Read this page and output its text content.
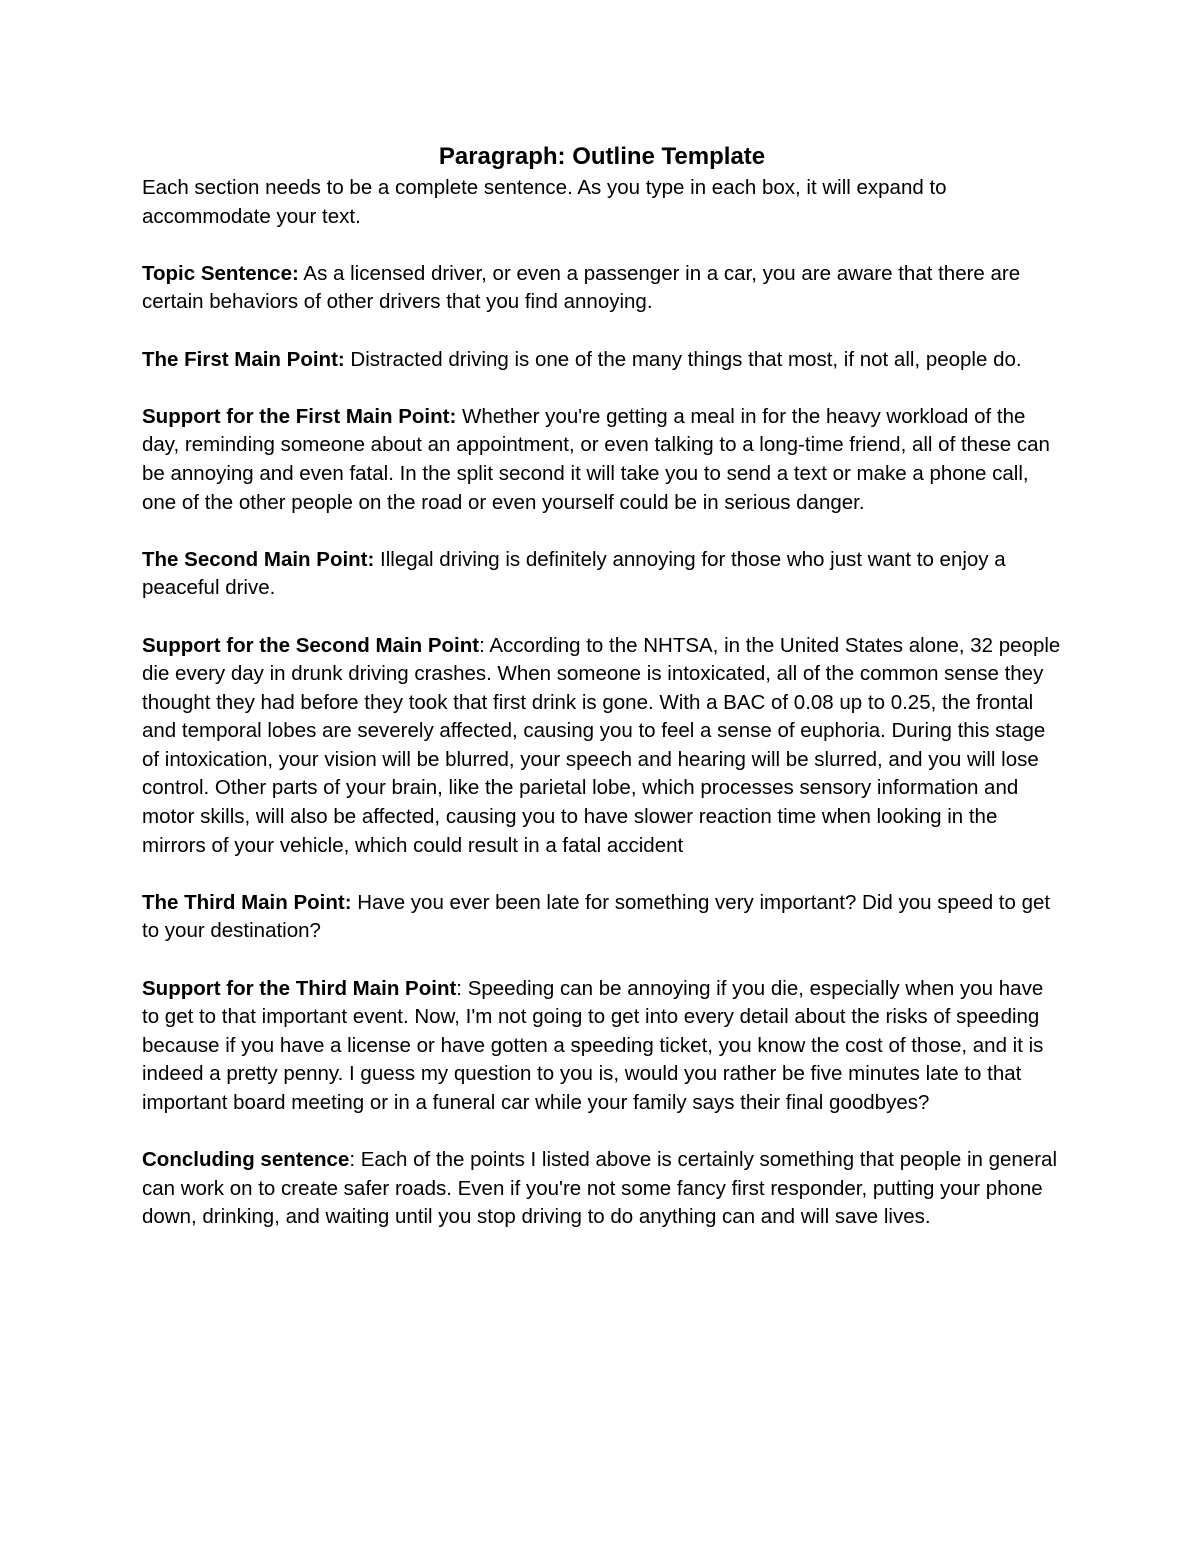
Paragraph: Outline Template

Each section needs to be a complete sentence. As you type in each box, it will expand to accommodate your text.

Topic Sentence: As a licensed driver, or even a passenger in a car, you are aware that there are certain behaviors of other drivers that you find annoying.

The First Main Point: Distracted driving is one of the many things that most, if not all, people do.

Support for the First Main Point: Whether you're getting a meal in for the heavy workload of the day, reminding someone about an appointment, or even talking to a long-time friend, all of these can be annoying and even fatal. In the split second it will take you to send a text or make a phone call, one of the other people on the road or even yourself could be in serious danger.

The Second Main Point: Illegal driving is definitely annoying for those who just want to enjoy a peaceful drive.

Support for the Second Main Point: According to the NHTSA, in the United States alone, 32 people die every day in drunk driving crashes. When someone is intoxicated, all of the common sense they thought they had before they took that first drink is gone. With a BAC of 0.08 up to 0.25, the frontal and temporal lobes are severely affected, causing you to feel a sense of euphoria. During this stage of intoxication, your vision will be blurred, your speech and hearing will be slurred, and you will lose control. Other parts of your brain, like the parietal lobe, which processes sensory information and motor skills, will also be affected, causing you to have slower reaction time when looking in the mirrors of your vehicle, which could result in a fatal accident

The Third Main Point: Have you ever been late for something very important? Did you speed to get to your destination?

Support for the Third Main Point: Speeding can be annoying if you die, especially when you have to get to that important event. Now, I'm not going to get into every detail about the risks of speeding because if you have a license or have gotten a speeding ticket, you know the cost of those, and it is indeed a pretty penny. I guess my question to you is, would you rather be five minutes late to that important board meeting or in a funeral car while your family says their final goodbyes?

Concluding sentence: Each of the points I listed above is certainly something that people in general can work on to create safer roads. Even if you're not some fancy first responder, putting your phone down, drinking, and waiting until you stop driving to do anything can and will save lives.
